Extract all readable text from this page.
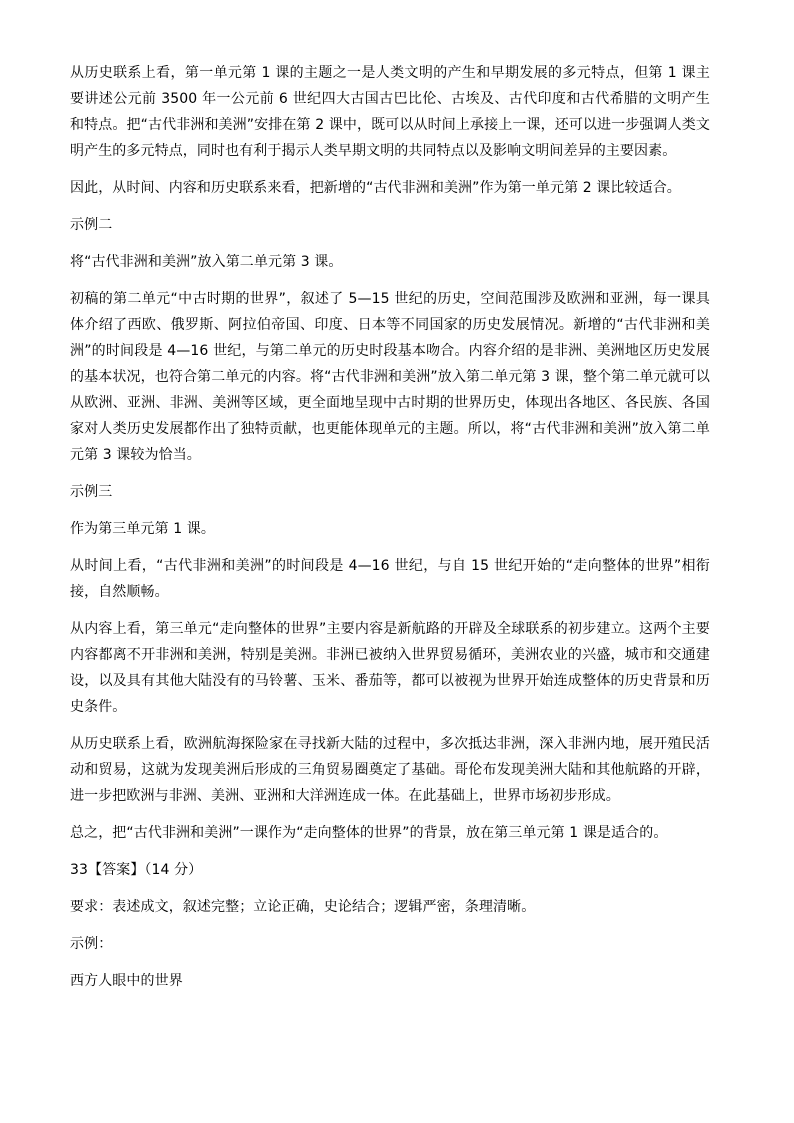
从历史联系上看，第一单元第 1 课的主题之一是人类文明的产生和早期发展的多元特点，但第 1 课主要讲述公元前 3500 年一公元前 6 世纪四大古国古巴比伦、古埃及、古代印度和古代希腊的文明产生和特点。把“古代非洲和美洲”安排在第 2 课中，既可以从时间上承接上一课，还可以进一步强调人类文明产生的多元特点，同时也有利于揭示人类早期文明的共同特点以及影响文明间差异的主要因素。

因此，从时间、内容和历史联系来看，把新增的“古代非洲和美洲”作为第一单元第 2 课比较适合。

示例二

将“古代非洲和美洲”放入第二单元第 3 课。

初稿的第二单元“中古时期的世界”，叙述了 5—15 世纪的历史，空间范围涉及欧洲和亚洲，每一课具体介绍了西欧、俄罗斯、阿拉伯帝国、印度、日本等不同国家的历史发展情况。新增的“古代非洲和美洲”的时间段是 4—16 世纪，与第二单元的历史时段基本吻合。内容介绍的是非洲、美洲地区历史发展的基本状况，也符合第二单元的内容。将“古代非洲和美洲”放入第二单元第 3 课，整个第二单元就可以从欧洲、亚洲、非洲、美洲等区域，更全面地呈现中古时期的世界历史，体现出各地区、各民族、各国家对人类历史发展都作出了独特贡献，也更能体现单元的主题。所以，将“古代非洲和美洲”放入第二单元第 3 课较为恰当。

示例三

作为第三单元第 1 课。

从时间上看，“古代非洲和美洲”的时间段是 4—16 世纪，与自 15 世纪开始的“走向整体的世界”相衔接，自然顺畅。

从内容上看，第三单元“走向整体的世界”主要内容是新航路的开辟及全球联系的初步建立。这两个主要内容都离不开非洲和美洲，特别是美洲。非洲已被纳入世界贸易循环，美洲农业的兴盛，城市和交通建设，以及具有其他大陆没有的马铃薯、玉米、番茄等，都可以被视为世界开始连成整体的历史背景和历史条件。

从历史联系上看，欧洲航海探险家在寻找新大陆的过程中，多次抵达非洲，深入非洲内地，展开殖民活动和贸易，这就为发现美洲后形成的三角贸易圈奠定了基础。哥伦布发现美洲大陆和其他航路的开辟，进一步把欧洲与非洲、美洲、亚洲和大洋洲连成一体。在此基础上，世界市场初步形成。

总之，把“古代非洲和美洲”一课作为“走向整体的世界”的背景，放在第三单元第 1 课是适合的。

33【答案】（14 分）

要求：表述成文，叙述完整；立论正确，史论结合；逻辑严密，条理清晰。

示例：

西方人眼中的世界
